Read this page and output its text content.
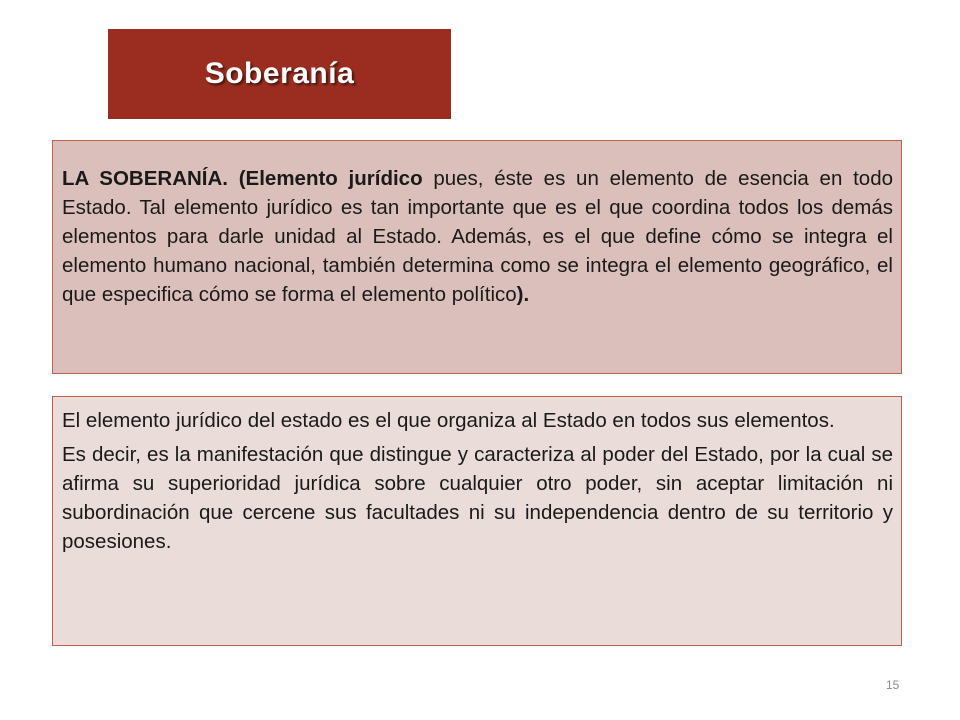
Soberanía

LA SOBERANÍA. (Elemento jurídico pues, éste es un elemento de esencia en todo Estado. Tal elemento jurídico es tan importante que es el que coordina todos los demás elementos para darle unidad al Estado. Además, es el que define cómo se integra el elemento humano nacional, también determina como se integra el elemento geográfico, el que especifica cómo se forma el elemento político).

El elemento jurídico del estado es el que organiza al Estado en todos sus elementos.

Es decir, es la manifestación que distingue y caracteriza al poder del Estado, por la cual se afirma su superioridad jurídica sobre cualquier otro poder, sin aceptar limitación ni subordinación que cercene sus facultades ni su independencia dentro de su territorio y posesiones.

15
